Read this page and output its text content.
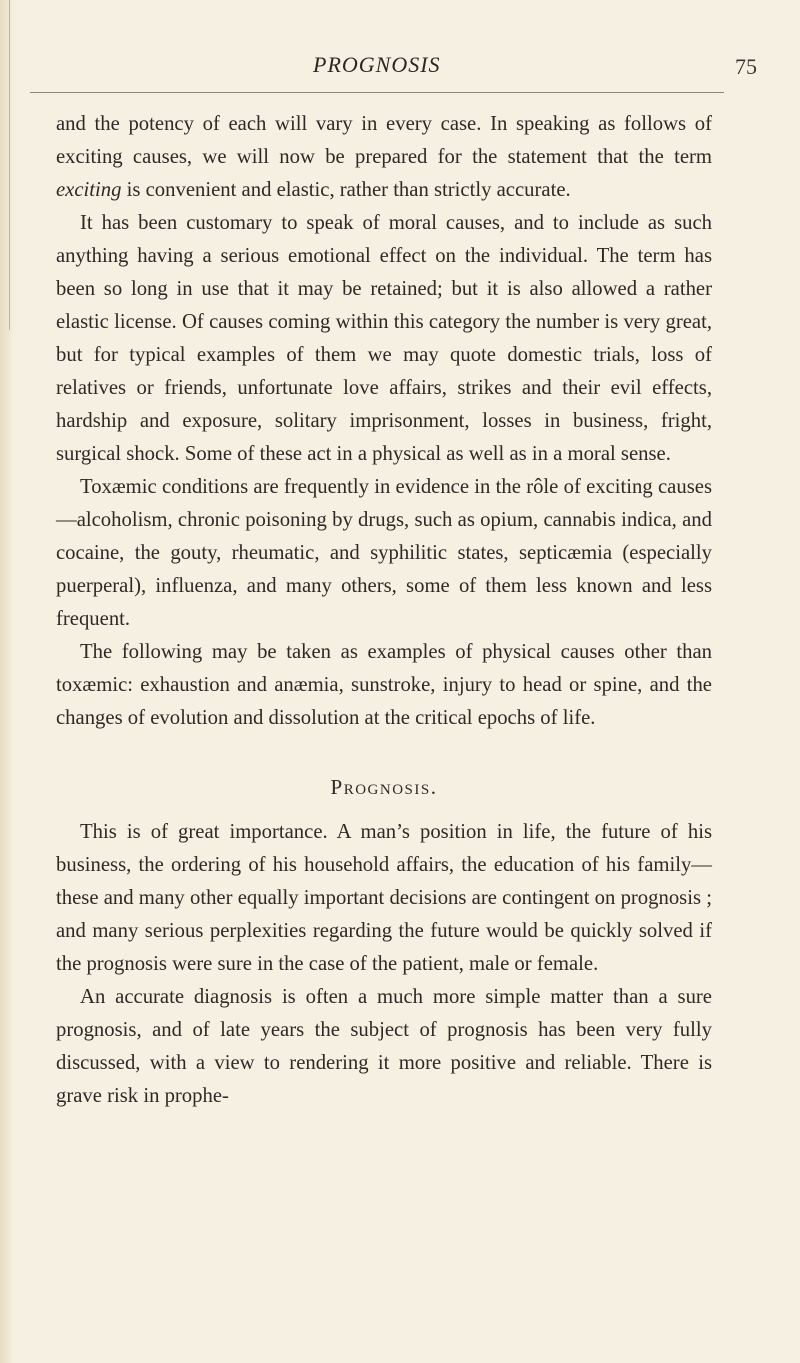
PROGNOSIS	75

and the potency of each will vary in every case. In speaking as follows of exciting causes, we will now be prepared for the statement that the term exciting is convenient and elastic, rather than strictly accurate.

It has been customary to speak of moral causes, and to include as such anything having a serious emotional effect on the individual. The term has been so long in use that it may be retained; but it is also allowed a rather elastic license. Of causes coming within this category the number is very great, but for typical examples of them we may quote domestic trials, loss of relatives or friends, unfortunate love affairs, strikes and their evil effects, hardship and exposure, solitary imprisonment, losses in business, fright, surgical shock. Some of these act in a physical as well as in a moral sense.

Toxæmic conditions are frequently in evidence in the rôle of exciting causes—alcoholism, chronic poisoning by drugs, such as opium, cannabis indica, and cocaine, the gouty, rheumatic, and syphilitic states, septicæmia (especially puerperal), influenza, and many others, some of them less known and less frequent.

The following may be taken as examples of physical causes other than toxæmic: exhaustion and anæmia, sunstroke, injury to head or spine, and the changes of evolution and dissolution at the critical epochs of life.

Prognosis.

This is of great importance. A man’s position in life, the future of his business, the ordering of his household affairs, the education of his family—these and many other equally important decisions are contingent on prognosis ; and many serious perplexities regarding the future would be quickly solved if the prognosis were sure in the case of the patient, male or female.

An accurate diagnosis is often a much more simple matter than a sure prognosis, and of late years the subject of prognosis has been very fully discussed, with a view to rendering it more positive and reliable. There is grave risk in prophe-
